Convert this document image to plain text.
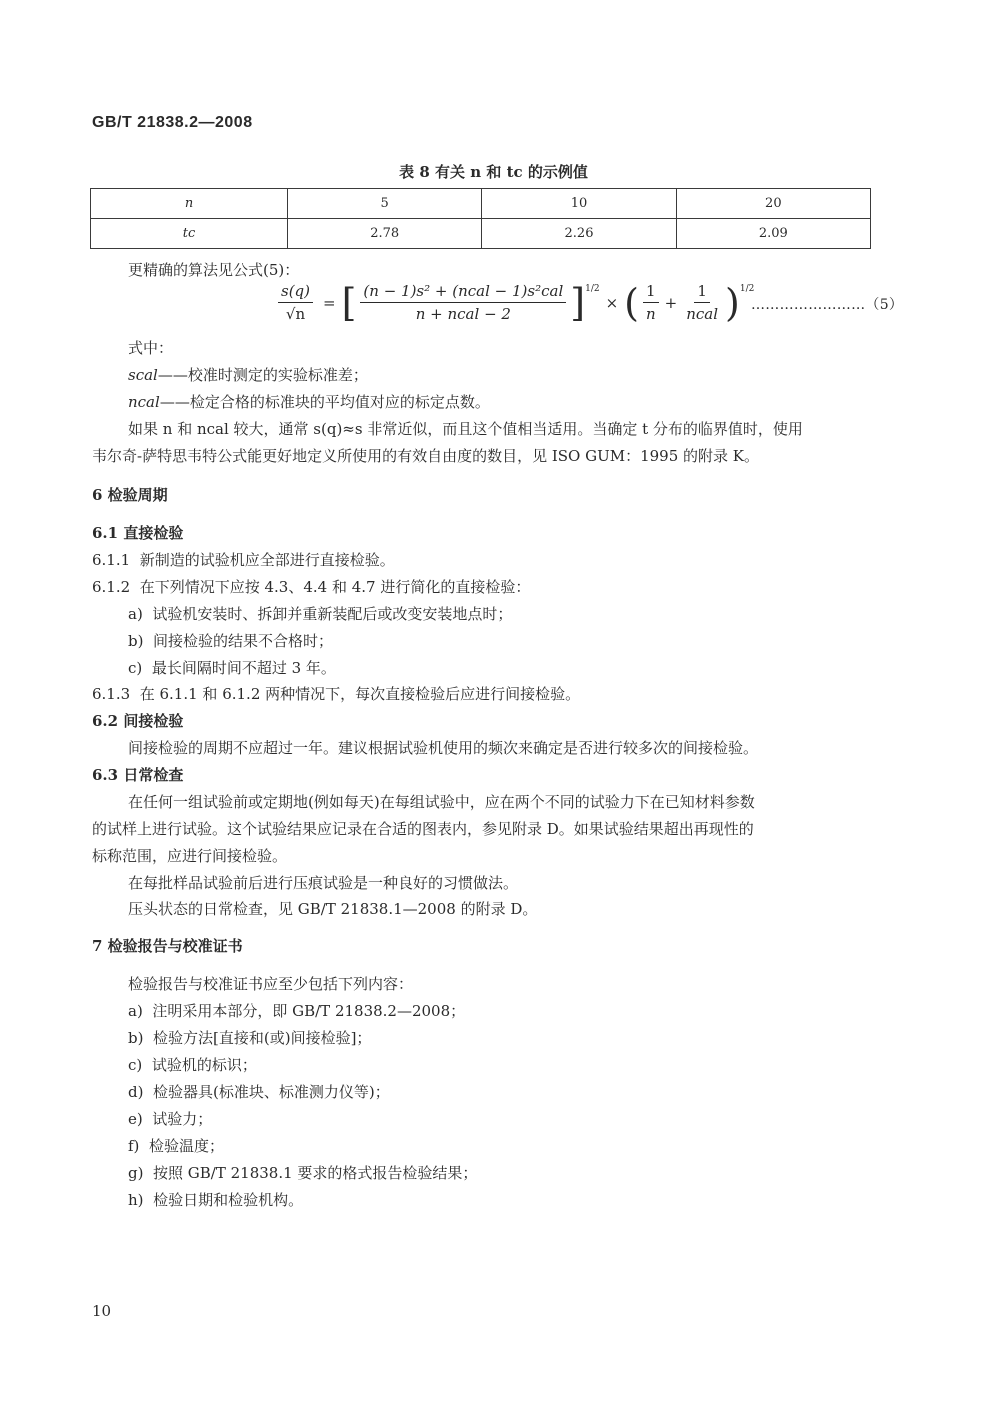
GB/T 21838.2—2008
表 8 有关 n 和 tc 的示例值
n	5	10	20
tc	2.78	2.26	2.09
更精确的算法见公式(5)：
$\frac{s(q)}{√n}$ = [ $\frac{\text{(n − 1)s² + (ncal − 1)s²cal}}{\text{n + ncal − 2}}$ ] 1/2
× ( $\frac{1}{n} + \frac{1}{\text{ncal}}$ ) 1/2
……………………（5）
式中：
scal——校准时测定的实验标准差；
ncal——检定合格的标准块的平均值对应的标定点数。
如果 n 和 ncal 较大，通常 s(q)≈s 非常近似，而且这个值相当适用。当确定 t 分布的临界值时，使用
韦尔奇-萨特思韦特公式能更好地定义所使用的有效自由度的数目，见 ISO GUM：1995 的附录 K。
6 检验周期
6.1 直接检验
6.1.1 新制造的试验机应全部进行直接检验。
6.1.2 在下列情况下应按 4.3、4.4 和 4.7 进行简化的直接检验：
a) 试验机安装时、拆卸并重新装配后或改变安装地点时；
b) 间接检验的结果不合格时；
c) 最长间隔时间不超过 3 年。
6.1.3 在 6.1.1 和 6.1.2 两种情况下，每次直接检验后应进行间接检验。
6.2 间接检验
间接检验的周期不应超过一年。建议根据试验机使用的频次来确定是否进行较多次的间接检验。
6.3 日常检查
在任何一组试验前或定期地(例如每天)在每组试验中，应在两个不同的试验力下在已知材料参数
的试样上进行试验。这个试验结果应记录在合适的图表内，参见附录 D。如果试验结果超出再现性的
标称范围，应进行间接检验。
在每批样品试验前后进行压痕试验是一种良好的习惯做法。
压头状态的日常检查，见 GB/T 21838.1—2008 的附录 D。
7 检验报告与校准证书
检验报告与校准证书应至少包括下列内容：
a) 注明采用本部分，即 GB/T 21838.2—2008；
b) 检验方法[直接和(或)间接检验]；
c) 试验机的标识；
d) 检验器具(标准块、标准测力仪等)；
e) 试验力；
f) 检验温度；
g) 按照 GB/T 21838.1 要求的格式报告检验结果；
h) 检验日期和检验机构。
10
